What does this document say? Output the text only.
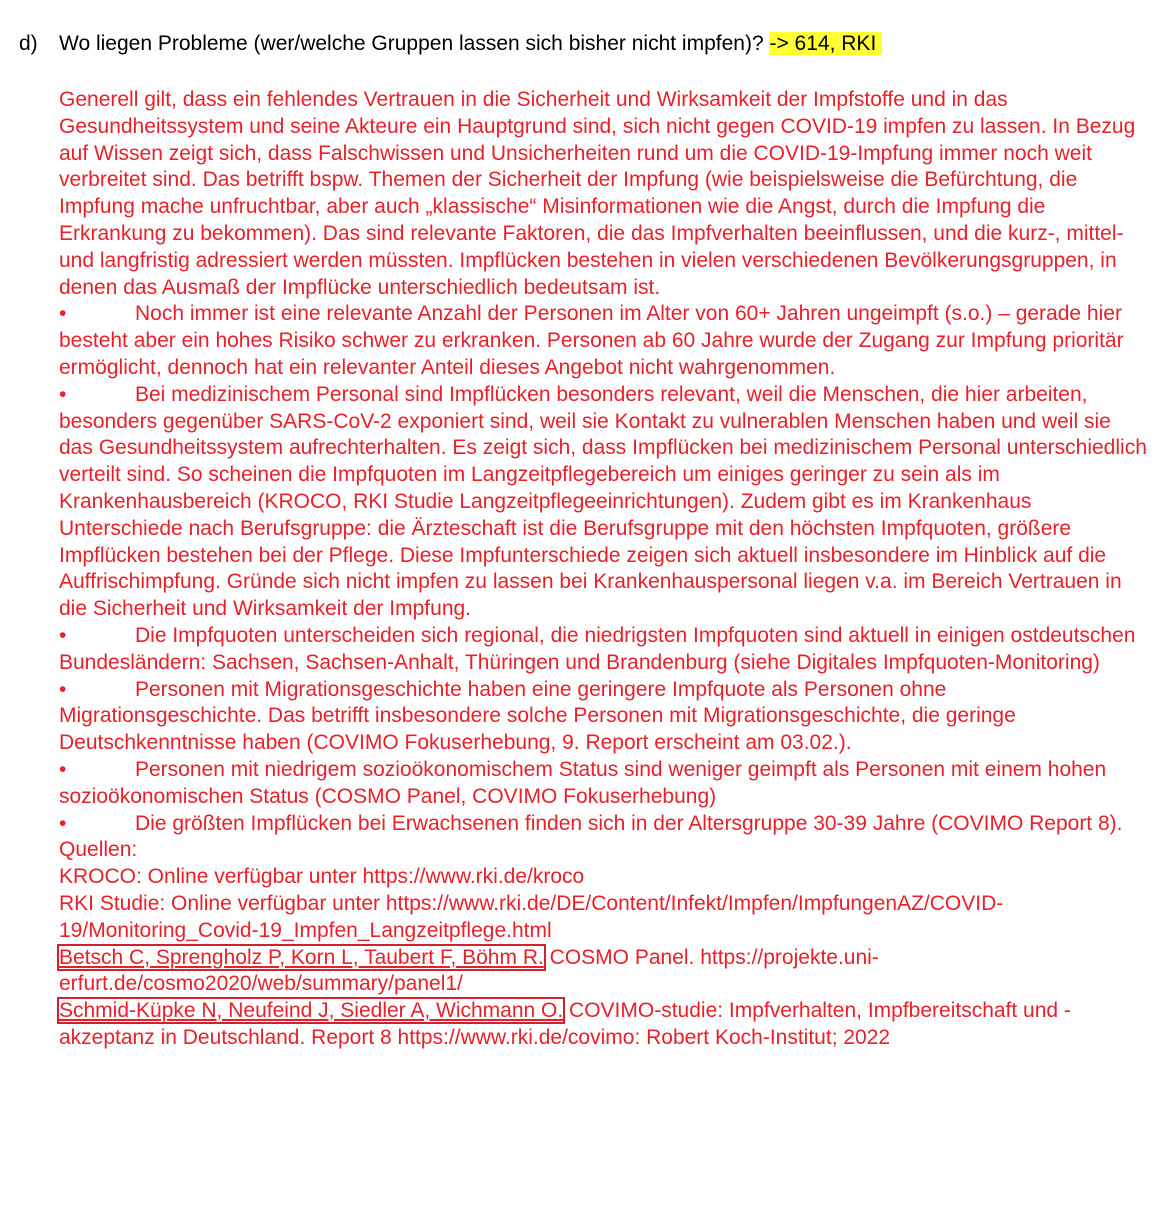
d) Wo liegen Probleme (wer/welche Gruppen lassen sich bisher nicht impfen)? -> 614, RKI

Generell gilt, dass ein fehlendes Vertrauen in die Sicherheit und Wirksamkeit der Impfstoffe und in das Gesundheitssystem und seine Akteure ein Hauptgrund sind, sich nicht gegen COVID-19 impfen zu lassen. In Bezug auf Wissen zeigt sich, dass Falschwissen und Unsicherheiten rund um die COVID-19-Impfung immer noch weit verbreitet sind. Das betrifft bspw. Themen der Sicherheit der Impfung (wie beispielsweise die Befürchtung, die Impfung mache unfruchtbar, aber auch „klassische“ Misinformationen wie die Angst, durch die Impfung die Erkrankung zu bekommen). Das sind relevante Faktoren, die das Impfverhalten beeinflussen, und die kurz-, mittel- und langfristig adressiert werden müssten. Impflücken bestehen in vielen verschiedenen Bevölkerungsgruppen, in denen das Ausmaß der Impflücke unterschiedlich bedeutsam ist.

•	Noch immer ist eine relevante Anzahl der Personen im Alter von 60+ Jahren ungeimpft (s.o.) – gerade hier besteht aber ein hohes Risiko schwer zu erkranken. Personen ab 60 Jahre wurde der Zugang zur Impfung prioritär ermöglicht, dennoch hat ein relevanter Anteil dieses Angebot nicht wahrgenommen.

•	Bei medizinischem Personal sind Impflücken besonders relevant, weil die Menschen, die hier arbeiten, besonders gegenüber SARS-CoV-2 exponiert sind, weil sie Kontakt zu vulnerablen Menschen haben und weil sie das Gesundheitssystem aufrechterhalten. Es zeigt sich, dass Impflücken bei medizinischem Personal unterschiedlich verteilt sind. So scheinen die Impfquoten im Langzeitpflegebereich um einiges geringer zu sein als im Krankenhausbereich (KROCO, RKI Studie Langzeitpflegeeinrichtungen). Zudem gibt es im Krankenhaus Unterschiede nach Berufsgruppe: die Ärzteschaft ist die Berufsgruppe mit den höchsten Impfquoten, größere Impflücken bestehen bei der Pflege. Diese Impfunterschiede zeigen sich aktuell insbesondere im Hinblick auf die Auffrischimpfung. Gründe sich nicht impfen zu lassen bei Krankenhauspersonal liegen v.a. im Bereich Vertrauen in die Sicherheit und Wirksamkeit der Impfung.

•	Die Impfquoten unterscheiden sich regional, die niedrigsten Impfquoten sind aktuell in einigen ostdeutschen Bundesländern: Sachsen, Sachsen-Anhalt, Thüringen und Brandenburg (siehe Digitales Impfquoten-Monitoring)

•	Personen mit Migrationsgeschichte haben eine geringere Impfquote als Personen ohne Migrationsgeschichte. Das betrifft insbesondere solche Personen mit Migrationsgeschichte, die geringe Deutschkenntnisse haben (COVIMO Fokuserhebung, 9. Report erscheint am 03.02.).

•	Personen mit niedrigem sozioökonomischem Status sind weniger geimpft als Personen mit einem hohen sozioökonomischen Status (COSMO Panel, COVIMO Fokuserhebung)

•	Die größten Impflücken bei Erwachsenen finden sich in der Altersgruppe 30-39 Jahre (COVIMO Report 8).

Quellen:

KROCO: Online verfügbar unter https://www.rki.de/kroco

RKI Studie: Online verfügbar unter https://www.rki.de/DE/Content/Infekt/Impfen/ImpfungenAZ/COVID-19/Monitoring_Covid-19_Impfen_Langzeitpflege.html

Betsch C, Sprengholz P, Korn L, Taubert F, Böhm R. COSMO Panel. https://projekte.uni-erfurt.de/cosmo2020/web/summary/panel1/

Schmid-Küpke N, Neufeind J, Siedler A, Wichmann O. COVIMO-studie: Impfverhalten, Impfbereitschaft und -akzeptanz in Deutschland. Report 8 https://www.rki.de/covimo: Robert Koch-Institut; 2022
